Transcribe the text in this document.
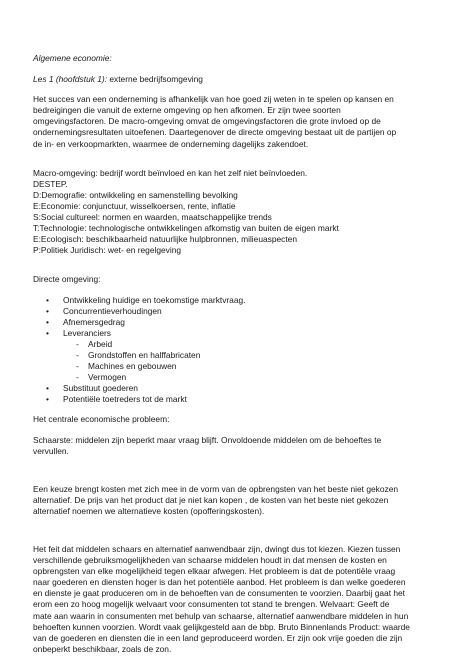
Algemene economie:
Les 1 (hoofdstuk 1): externe bedrijfsomgeving

Het succes van een onderneming is afhankelijk van hoe goed zij weten in te spelen op kansen en
bedreigingen die vanuit de externe omgeving op hen afkomen. Er zijn twee soorten
omgevingsfactoren. De macro-omgeving omvat de omgevingsfactoren die grote invloed op de
ondernemingsresultaten uitoefenen. Daartegenover de directe omgeving bestaat uit de partijen op
de in- en verkoopmarkten, waarmee de onderneming dagelijks zakendoet.

Macro-omgeving: bedrijf wordt beïnvloed en kan het zelf niet beïnvloeden.
DESTEP.
D:Demografie: ontwikkeling en samenstelling bevolking
E:Economie: conjunctuur, wisselkoersen, rente, inflatie
S:Social cultureel: normen en waarden, maatschappelijke trends
T:Technologie: technologische ontwikkelingen afkomstig van buiten de eigen markt
E:Ecologisch: beschikbaarheid natuurlijke hulpbronnen, milieuaspecten
P:Politiek Juridisch: wet- en regelgeving

Directe omgeving:

• Ontwikkeling huidige en toekomstige marktvraag.
• Concurrentieverhoudingen
• Afnemersgedrag
• Leveranciers
- Arbeid
- Grondstoffen en halffabricaten
- Machines en gebouwen
- Vermogen
• Substituut goederen
• Potentiële toetreders tot de markt

Het centrale economische probleem:

Schaarste: middelen zijn beperkt maar vraag blijft. Onvoldoende middelen om de behoeftes te
vervullen.

Een keuze brengt kosten met zich mee in de vorm van de opbrengsten van het beste niet gekozen
alternatief. De prijs van het product dat je niet kan kopen , de kosten van het beste niet gekozen
alternatief noemen we alternatieve kosten (opofferingskosten).

Het feit dat middelen schaars en alternatief aanwendbaar zijn, dwingt dus tot kiezen. Kiezen tussen
verschillende gebruiksmogelijkheden van schaarse middelen houdt in dat mensen de kosten en
opbrengsten van elke mogelijkheid tegen elkaar afwegen. Het probleem is dat de potentiële vraag
naar goederen en diensten hoger is dan het potentiële aanbod. Het probleem is dan welke goederen
en dienste je gaat produceren om in de behoeften van de consumenten te voorzien. Daarbij gaat het
erom een zo hoog mogelijk welvaart voor consumenten tot stand te brengen. Welvaart: Geeft de
mate aan waarin in consumenten met behulp van schaarse, alternatief aanwendbare middelen in hun
behoeften kunnen voorzien. Wordt vaak gelijkgesteld aan de bbp. Bruto Binnenlands Product: waarde
van de goederen en diensten die in een land geproduceerd worden. Er zijn ook vrije goeden die zijn
onbeperkt beschikbaar, zoals de zon.
